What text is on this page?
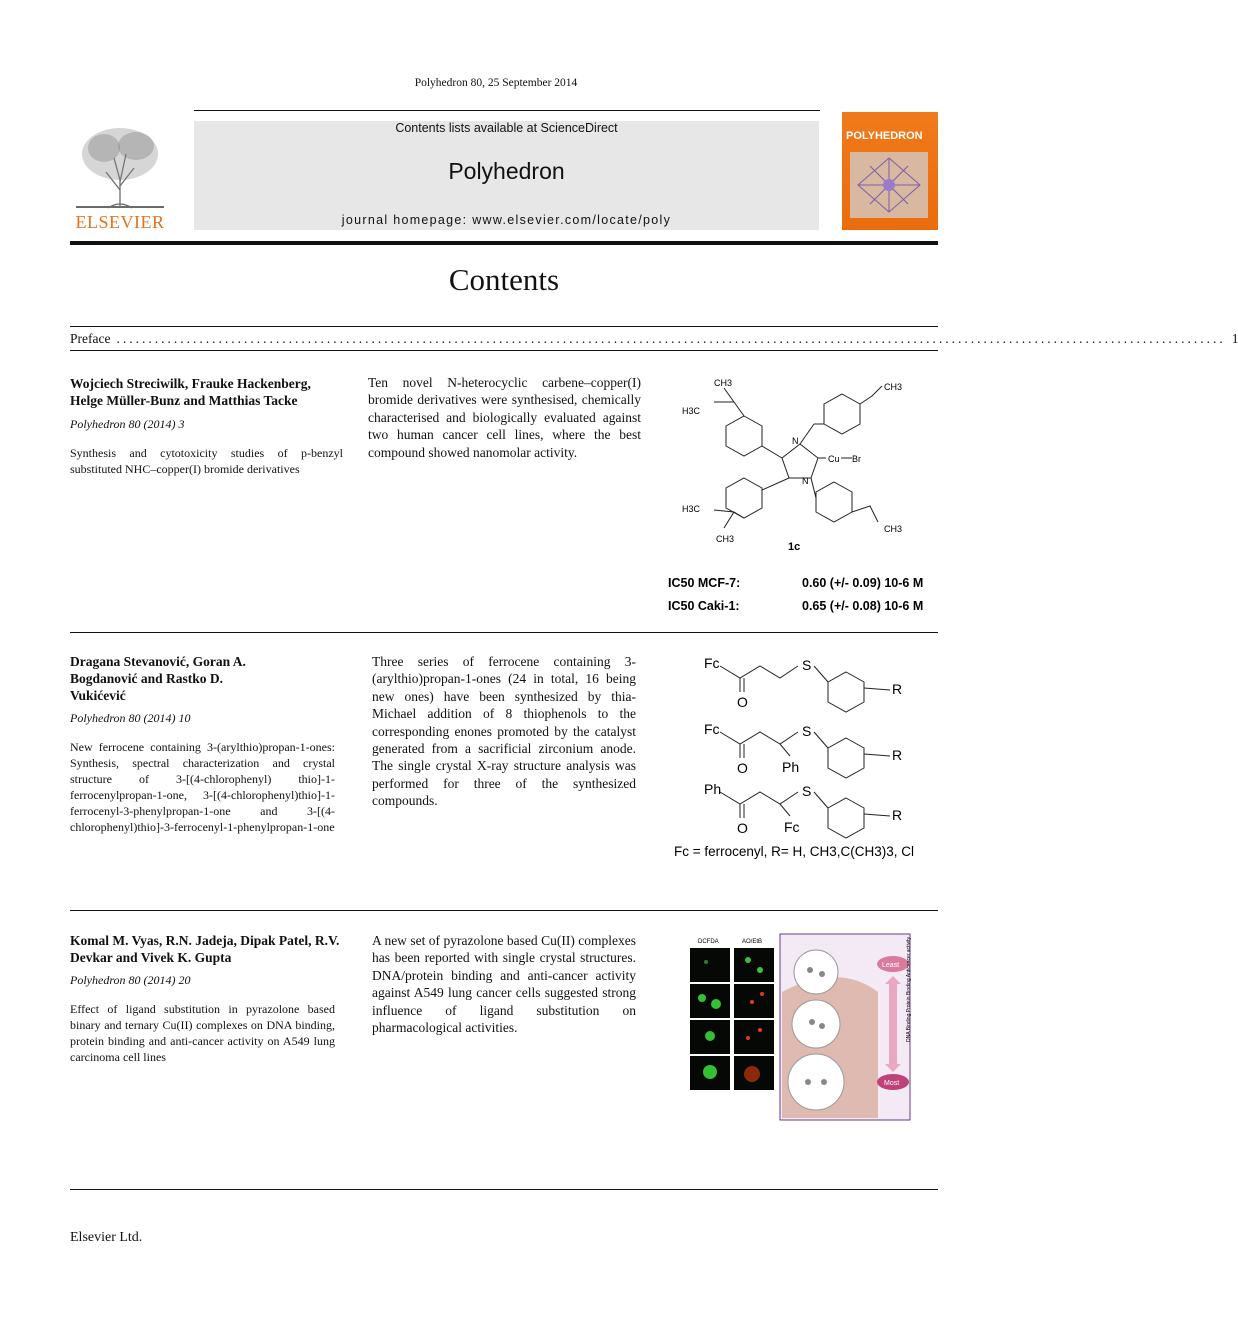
Polyhedron 80, 25 September 2014
ELSEVIER
Contents lists available at ScienceDirect
Polyhedron
journal homepage: www.elsevier.com/locate/poly
POLYHEDRON
Contents
Preface .............................................................................................................................................................................. 1
Wojciech Streciwilk, Frauke Hackenberg, Helge Müller-Bunz and Matthias Tacke
Polyhedron 80 (2014) 3
Synthesis and cytotoxicity studies of p-benzyl substituted NHC–copper(I) bromide derivatives
Ten novel N-heterocyclic carbene–copper(I) bromide derivatives were synthesised, chemically characterised and biologically evaluated against two human cancer cell lines, where the best compound showed nanomolar activity.
CH3
H3C
N
N
Cu Br
CH3
H3C
CH3
CH3
1c
IC50 MCF-7:	0.60 (+/- 0.09) 10-6 M
IC50 Caki-1:	0.65 (+/- 0.08) 10-6 M
Dragana Stevanović, Goran A. Bogdanović and Rastko D. Vukićević
Polyhedron 80 (2014) 10
New ferrocene containing 3-(arylthio)propan-1-ones: Synthesis, spectral characterization and crystal structure of 3-[(4-chlorophenyl) thio]-1-ferrocenylpropan-1-one, 3-[(4-chlorophenyl)thio]-1-ferrocenyl-3-phenylpropan-1-one and 3-[(4-chlorophenyl)thio]-3-ferrocenyl-1-phenylpropan-1-one
Three series of ferrocene containing 3-(arylthio)propan-1-ones (24 in total, 16 being new ones) have been synthesized by thia-Michael addition of 8 thiophenols to the corresponding enones promoted by the catalyst generated from a sacrificial zirconium anode. The single crystal X-ray structure analysis was performed for three of the synthesized compounds.
Fc
O
S
R
Fc
O
S
Ph
R
Ph
O
S
Fc
R
Fc = ferrocenyl, R= H, CH3,C(CH3)3, Cl
Komal M. Vyas, R.N. Jadeja, Dipak Patel, R.V. Devkar and Vivek K. Gupta
Polyhedron 80 (2014) 20
Effect of ligand substitution in pyrazolone based binary and ternary Cu(II) complexes on DNA binding, protein binding and anti-cancer activity on A549 lung carcinoma cell lines
A new set of pyrazolone based Cu(II) complexes has been reported with single crystal structures. DNA/protein binding and anti-cancer activity against A549 lung cancer cells suggested strong influence of ligand substitution on pharmacological activities.
DCFDA	AO/EtB
Least
Most
DNA Binding Protein Binding Anticancer activity
Elsevier Ltd.
